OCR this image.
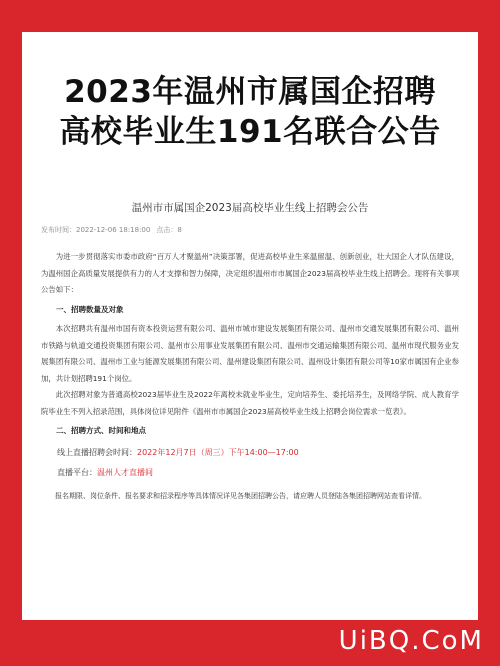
2023年温州市属国企招聘
高校毕业生191名联合公告
温州市市属国企2023届高校毕业生线上招聘会公告
发布时间：2022-12-06 18:18:00 点击：8

为进一步贯彻落实市委市政府“百万人才聚温州”决策部署，促进高校毕业生来温留温、创新创业，壮大国企人才队伍建设，为温州国企高质量发展提供有力的人才支撑和智力保障，决定组织温州市市属国企2023届高校毕业生线上招聘会。现将有关事项公告如下：

一、招聘数量及对象

本次招聘共有温州市国有资本投资运营有限公司、温州市城市建设发展集团有限公司、温州市交通发展集团有限公司、温州市铁路与轨道交通投资集团有限公司、温州市公用事业发展集团有限公司、温州市交通运输集团有限公司、温州市现代服务业发展集团有限公司、温州市工业与能源发展集团有限公司、温州建设集团有限公司、温州设计集团有限公司等10家市属国有企业参加，共计划招聘191个岗位。

此次招聘对象为普通高校2023届毕业生及2022年离校未就业毕业生，定向培养生、委托培养生，及网络学院、成人教育学院毕业生不列入招录范围，具体岗位详见附件《温州市市属国企2023届高校毕业生线上招聘会岗位需求一览表》。

二、招聘方式、时间和地点
线上直播招聘会时间：2022年12月7日（周三）下午14:00—17:00
直播平台：温州人才直播间
报名期限、岗位条件、报名要求和招录程序等具体情况详见各集团招聘公告，请应聘人员登陆各集团招聘网站查看详情。
UiBQ.CoM
